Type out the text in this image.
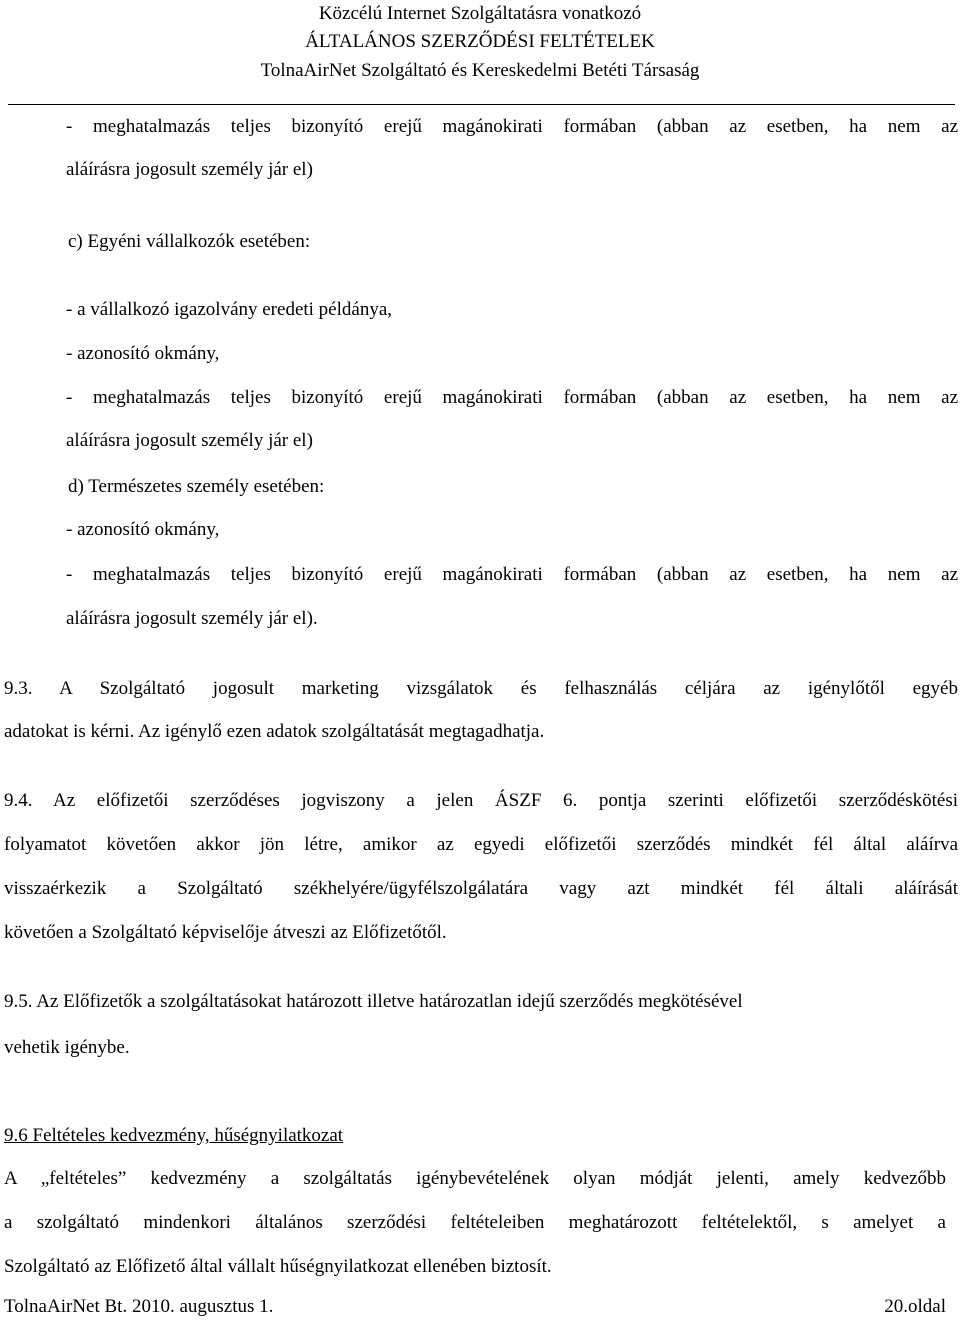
Közcélú Internet Szolgáltatásra vonatkozó
ÁLTALÁNOS SZERZŐDÉSI FELTÉTELEK
TolnaAirNet Szolgáltató és Kereskedelmi Betéti Társaság
- meghatalmazás teljes bizonyító erejű magánokirati formában (abban az esetben, ha nem az
aláírásra jogosult személy jár el)
c) Egyéni vállalkozók esetében:
- a vállalkozó igazolvány eredeti példánya,
- azonosító okmány,
- meghatalmazás teljes bizonyító erejű magánokirati formában (abban az esetben, ha nem az
aláírásra jogosult személy jár el)
d) Természetes személy esetében:
- azonosító okmány,
- meghatalmazás teljes bizonyító erejű magánokirati formában (abban az esetben, ha nem az
aláírásra jogosult személy jár el).
9.3. A Szolgáltató jogosult marketing vizsgálatok és felhasználás céljára az igénylőtől egyéb
adatokat is kérni. Az igénylő ezen adatok szolgáltatását megtagadhatja.
9.4. Az előfizetői szerződéses jogviszony a jelen ÁSZF 6. pontja szerinti előfizetői szerződéskötési
folyamatot követően akkor jön létre, amikor az egyedi előfizetői szerződés mindkét fél által aláírva
visszaérkezik a Szolgáltató székhelyére/ügyfélszolgálatára vagy azt mindkét fél általi aláírását
követően a Szolgáltató képviselője átveszi az Előfizetőtől.
9.5. Az Előfizetők a szolgáltatásokat határozott illetve határozatlan idejű szerződés megkötésével
vehetik igénybe.
9.6 Feltételes kedvezmény, hűségnyilatkozat
A „feltételes” kedvezmény a szolgáltatás igénybevételének olyan módját jelenti, amely kedvezőbb
a szolgáltató mindenkori általános szerződési feltételeiben meghatározott feltételektől, s amelyet a
Szolgáltató az Előfizető által vállalt hűségnyilatkozat ellenében biztosít.
TolnaAirNet Bt. 2010. augusztus 1.	20.oldal
